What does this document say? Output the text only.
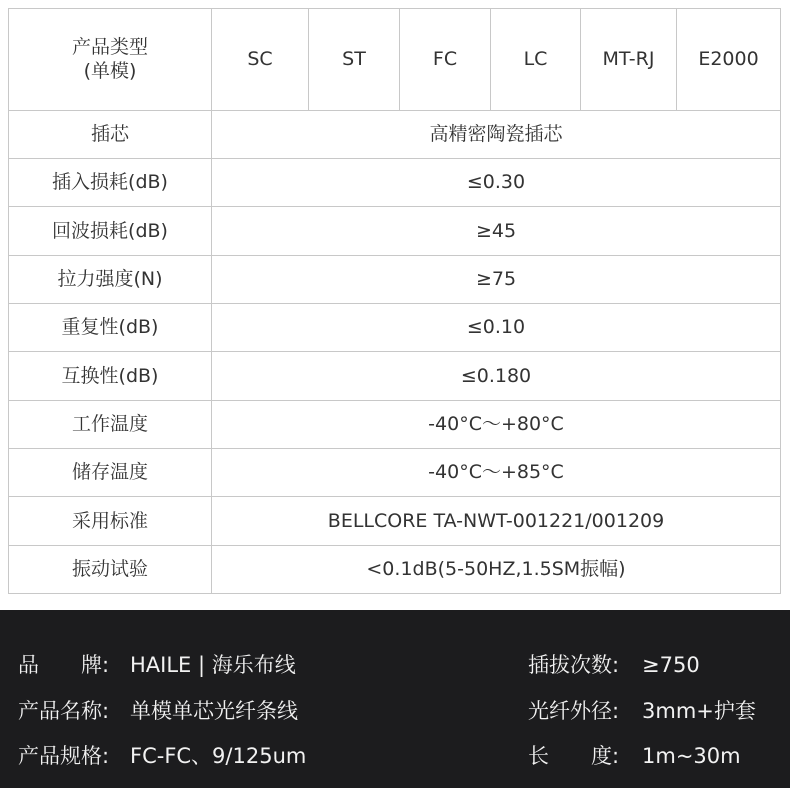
产品类型
(单模)	SC	ST	FC	LC	MT-RJ	E2000
插芯	高精密陶瓷插芯					
插入损耗(dB)	≤0.30					
回波损耗(dB)	≥45					
拉力强度(N)	≥75					
重复性(dB)	≤0.10					
互换性(dB)	≤0.180					
工作温度	-40°C～+80°C					
储存温度	-40°C～+85°C					
采用标准	BELLCORE TA-NWT-001221/001209					
振动试验	<0.1dB(5-50HZ,1.5SM振幅)					
品　　牌: HAILE | 海乐布线
产品名称: 单模单芯光纤条线
产品规格: FC-FC、9/125um
插拔次数: ≥750
光纤外径: 3mm+护套
长　　度: 1m~30m
